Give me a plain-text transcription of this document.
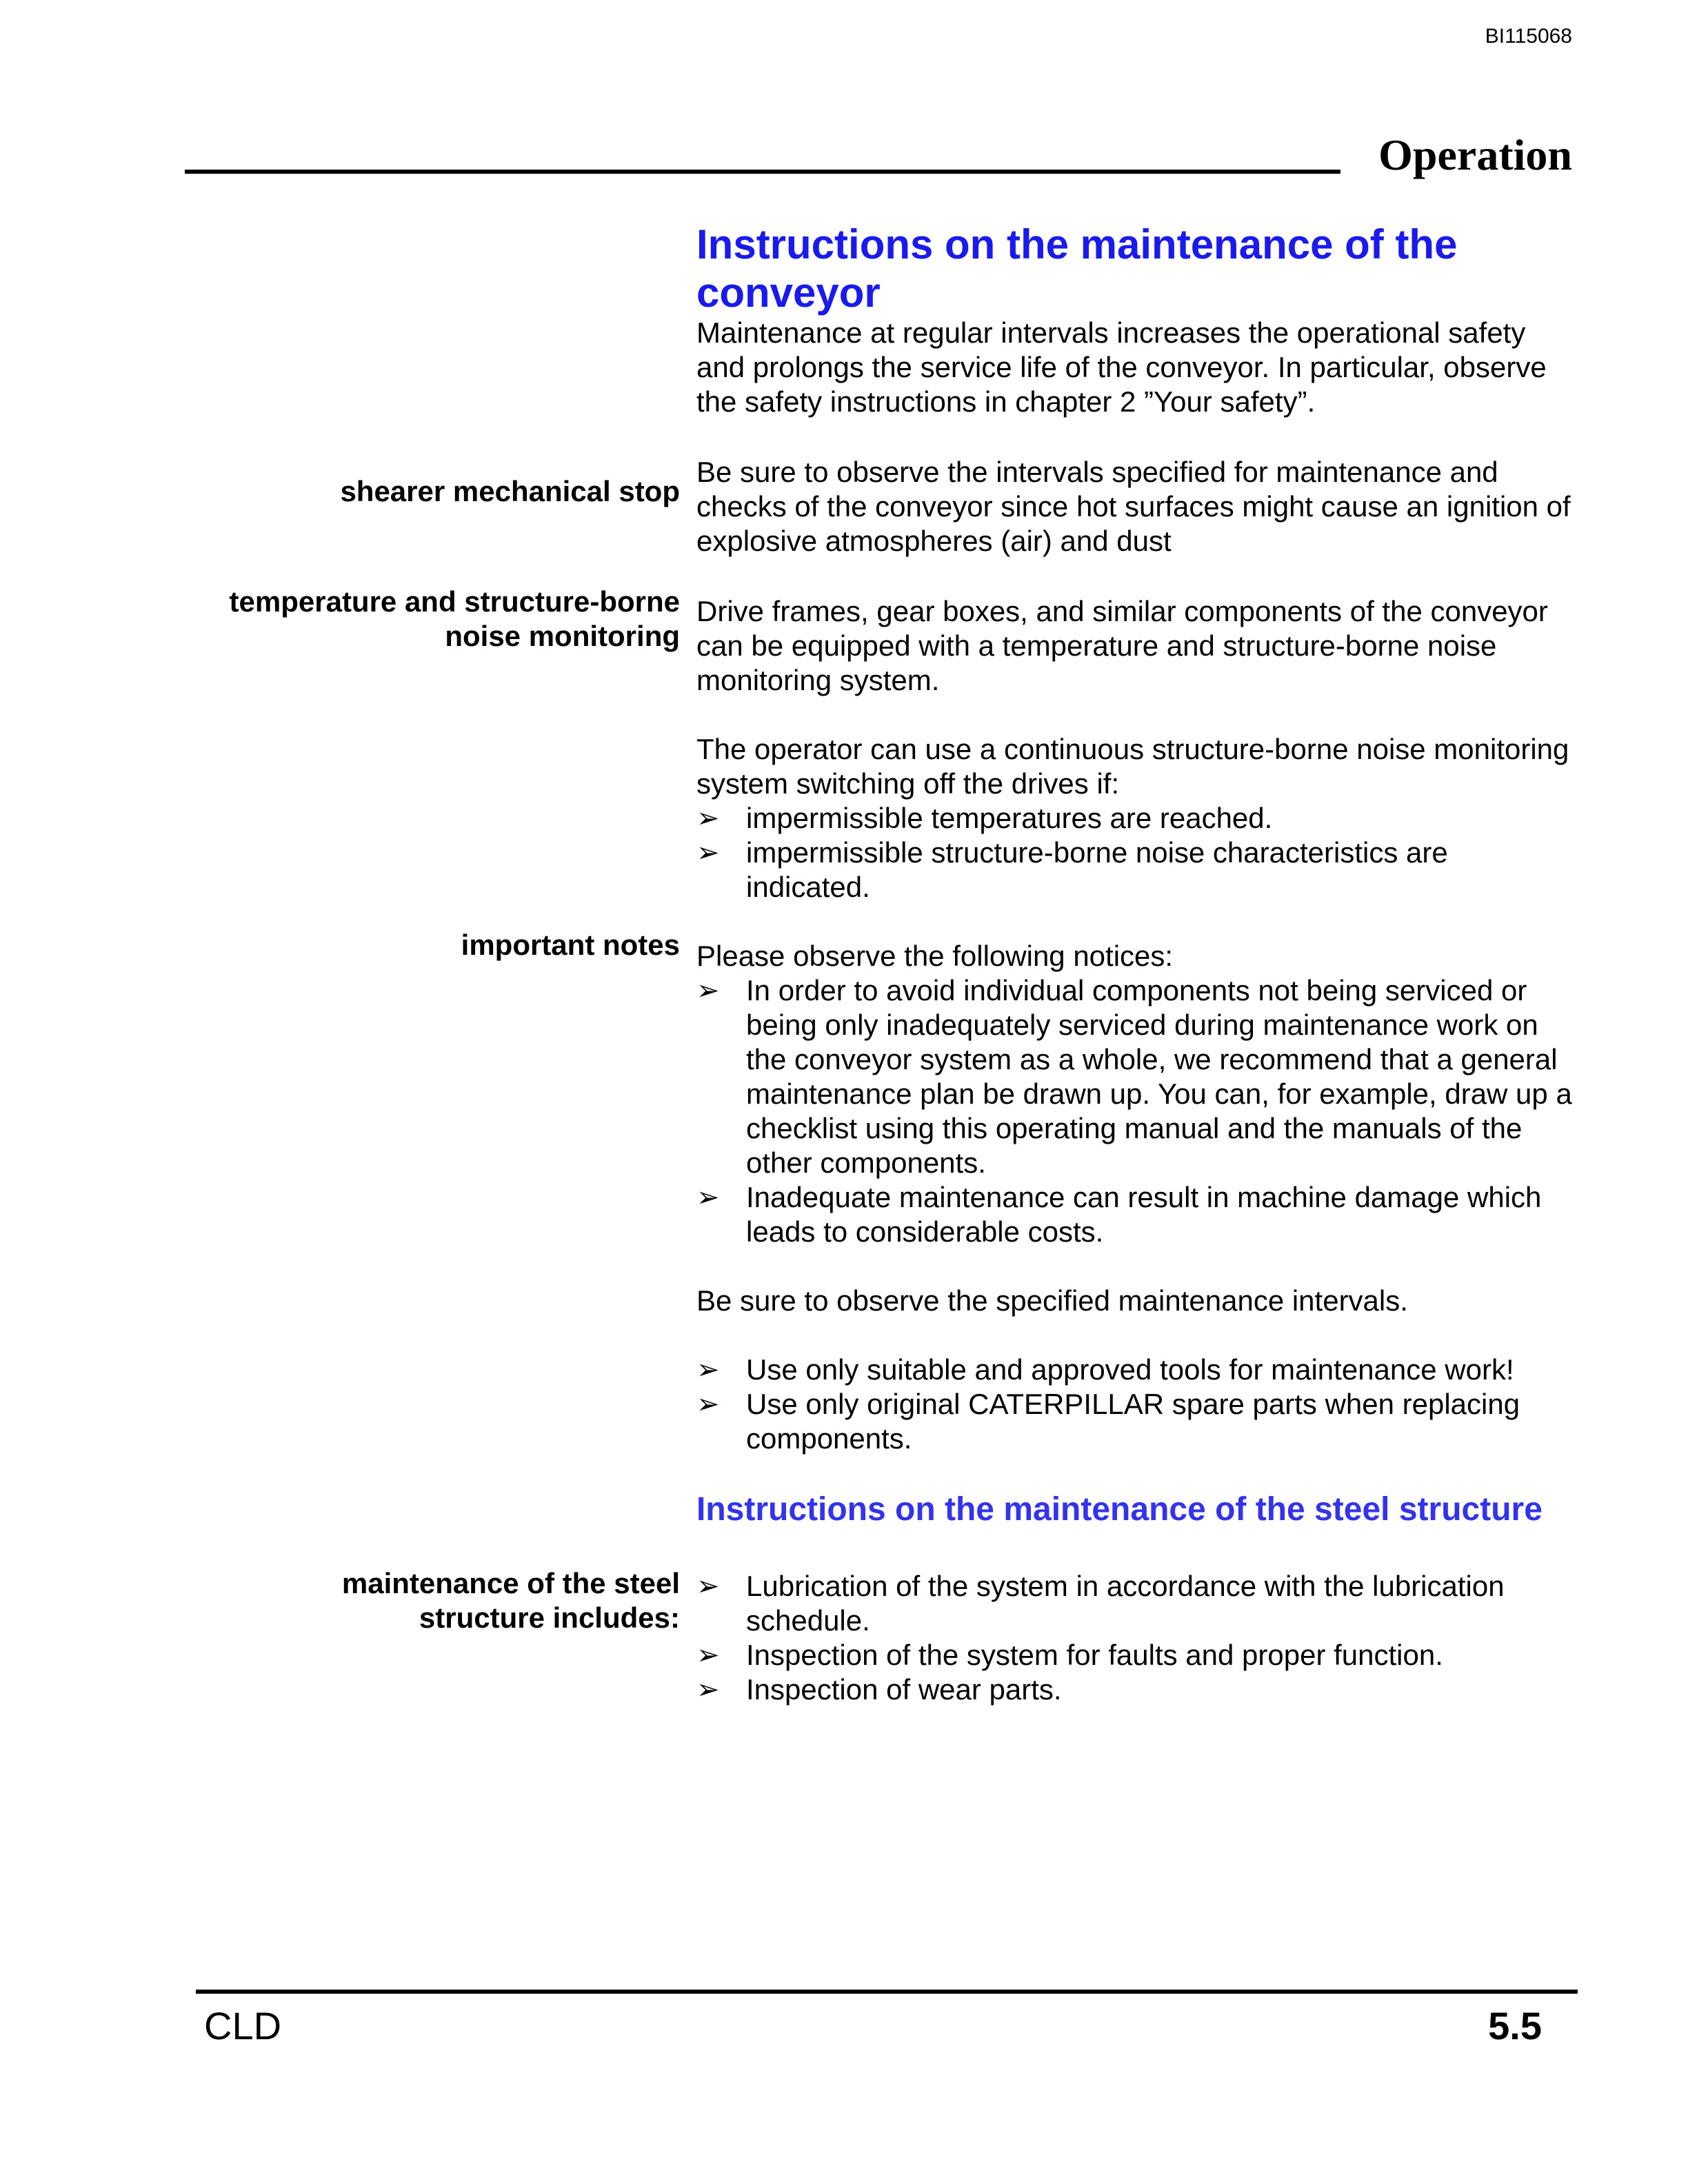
BI115068
Operation
Instructions on the maintenance of the conveyor

Maintenance at regular intervals increases the operational safety and prolongs the service life of the conveyor. In particular, observe the safety instructions in chapter 2 ”Your safety”.

shearer mechanical stop

Be sure to observe the intervals specified for maintenance and checks of the conveyor since hot surfaces might cause an ignition of explosive atmospheres (air) and dust

temperature and structure-borne
noise monitoring

Drive frames, gear boxes, and similar components of the conveyor can be equipped with a temperature and structure-borne noise monitoring system.

The operator can use a continuous structure-borne noise monitoring system switching off the drives if:

➢ impermissible temperatures are reached.
➢ impermissible structure-borne noise characteristics are indicated.

important notes Please observe the following notices:

➢ In order to avoid individual components not being serviced or being only inadequately serviced during maintenance work on the conveyor system as a whole, we recommend that a general maintenance plan be drawn up. You can, for example, draw up a checklist using this operating manual and the manuals of the other components.
➢ Inadequate maintenance can result in machine damage which leads to considerable costs.

Be sure to observe the specified maintenance intervals.

➢ Use only suitable and approved tools for maintenance work!
➢ Use only original CATERPILLAR spare parts when replacing components.
Instructions on the maintenance of the steel structure
maintenance of the steel
structure includes:
➢ Lubrication of the system in accordance with the lubrication schedule.
➢ Inspection of the system for faults and proper function.
➢ Inspection of wear parts.
CLD	5.5
